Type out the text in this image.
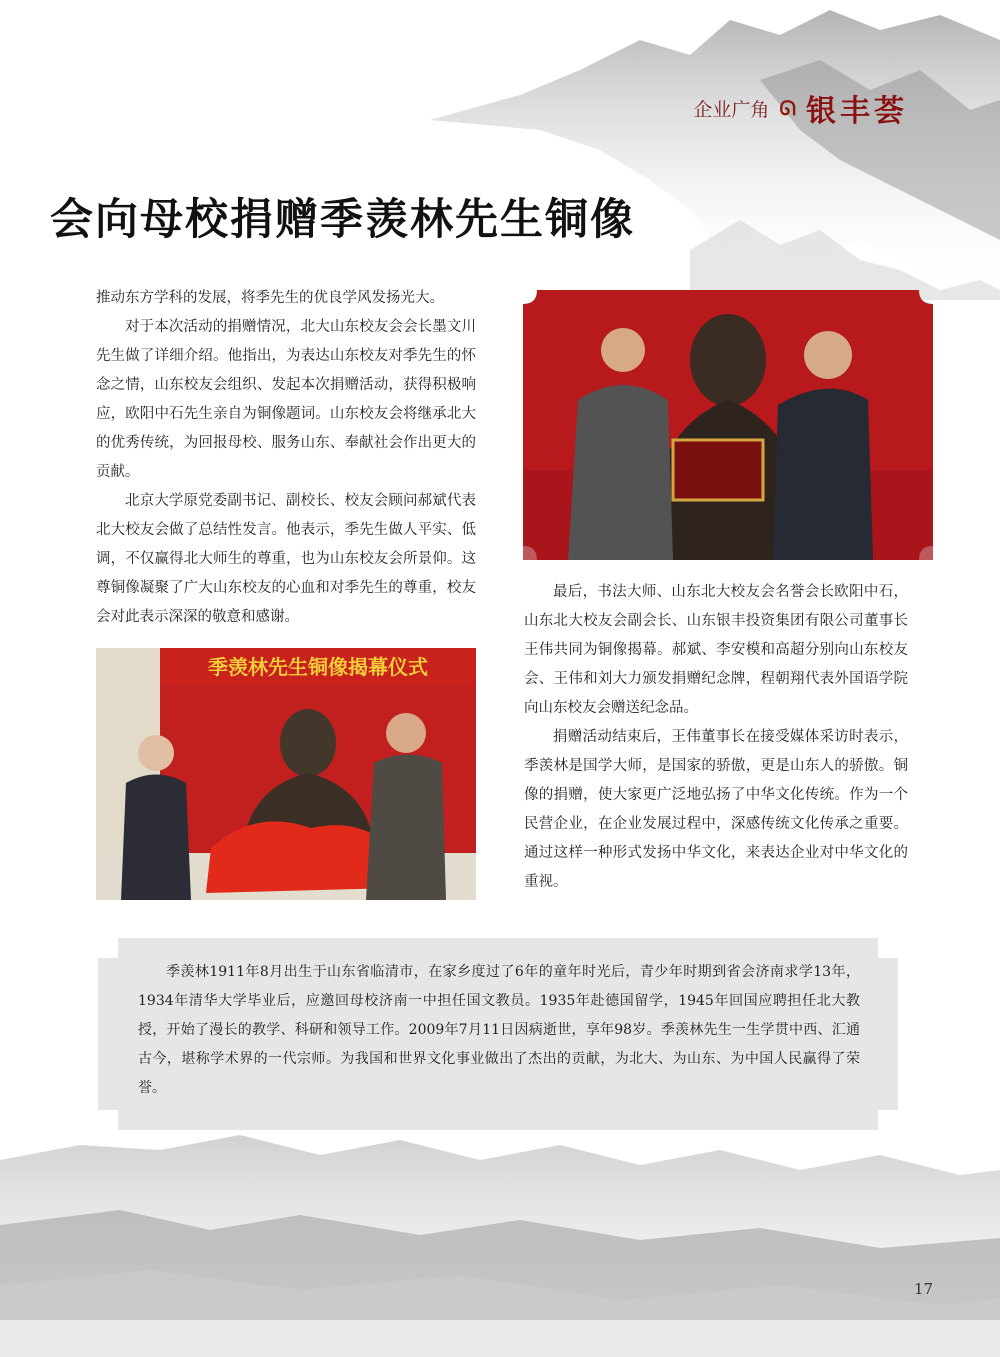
企业广角 ᘏ 银丰荟
会向母校捐赠季羡林先生铜像

推动东方学科的发展，将季先生的优良学风发扬光大。

对于本次活动的捐赠情况，北大山东校友会会长墨文川先生做了详细介绍。他指出，为表达山东校友对季先生的怀念之情，山东校友会组织、发起本次捐赠活动，获得积极响应，欧阳中石先生亲自为铜像题词。山东校友会将继承北大的优秀传统，为回报母校、服务山东、奉献社会作出更大的贡献。

北京大学原党委副书记、副校长、校友会顾问郝斌代表北大校友会做了总结性发言。他表示，季先生做人平实、低调，不仅赢得北大师生的尊重，也为山东校友会所景仰。这尊铜像凝聚了广大山东校友的心血和对季先生的尊重，校友会对此表示深深的敬意和感谢。

最后，书法大师、山东北大校友会名誉会长欧阳中石，山东北大校友会副会长、山东银丰投资集团有限公司董事长王伟共同为铜像揭幕。郝斌、李安模和高超分别向山东校友会、王伟和刘大力颁发捐赠纪念牌，程朝翔代表外国语学院向山东校友会赠送纪念品。

捐赠活动结束后，王伟董事长在接受媒体采访时表示，季羡林是国学大师，是国家的骄傲，更是山东人的骄傲。铜像的捐赠，使大家更广泛地弘扬了中华文化传统。作为一个民营企业，在企业发展过程中，深感传统文化传承之重要。通过这样一种形式发扬中华文化，来表达企业对中华文化的重视。

季羡林先生铜像揭幕仪式

季羡林1911年8月出生于山东省临清市，在家乡度过了6年的童年时光后，青少年时期到省会济南求学13年，1934年清华大学毕业后，应邀回母校济南一中担任国文教员。1935年赴德国留学，1945年回国应聘担任北大教授，开始了漫长的教学、科研和领导工作。2009年7月11日因病逝世，享年98岁。季羡林先生一生学贯中西、汇通古今，堪称学术界的一代宗师。为我国和世界文化事业做出了杰出的贡献，为北大、为山东、为中国人民赢得了荣誉。

17
